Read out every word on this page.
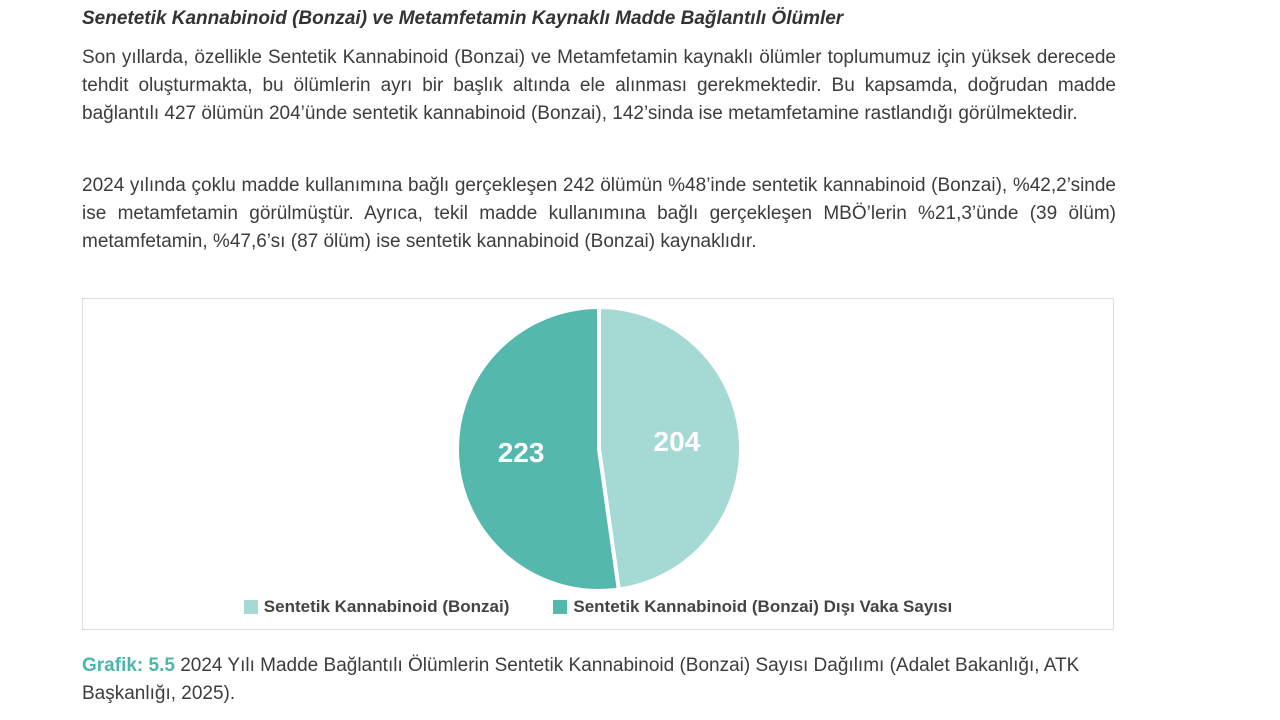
Senetetik Kannabinoid (Bonzai) ve Metamfetamin Kaynaklı Madde Bağlantılı Ölümler

Son yıllarda, özellikle Sentetik Kannabinoid (Bonzai) ve Metamfetamin kaynaklı ölümler toplumumuz için yüksek derecede tehdit oluşturmakta, bu ölümlerin ayrı bir başlık altında ele alınması gerekmektedir. Bu kapsamda, doğrudan madde bağlantılı 427 ölümün 204’ünde sentetik kannabinoid (Bonzai), 142’sinda ise metamfetamine rastlandığı görülmektedir.

2024 yılında çoklu madde kullanımına bağlı gerçekleşen 242 ölümün %48’inde sentetik kannabinoid (Bonzai), %42,2’sinde ise metamfetamin görülmüştür. Ayrıca, tekil madde kullanımına bağlı gerçekleşen MBÖ’lerin %21,3’ünde (39 ölüm) metamfetamin, %47,6’sı (87 ölüm) ise sentetik kannabinoid (Bonzai) kaynaklıdır.

204
223
Sentetik Kannabinoid (Bonzai)	Sentetik Kannabinoid (Bonzai) Dışı Vaka Sayısı

Grafik: 5.5 2024 Yılı Madde Bağlantılı Ölümlerin Sentetik Kannabinoid (Bonzai) Sayısı Dağılımı (Adalet Bakanlığı, ATK Başkanlığı, 2025).
